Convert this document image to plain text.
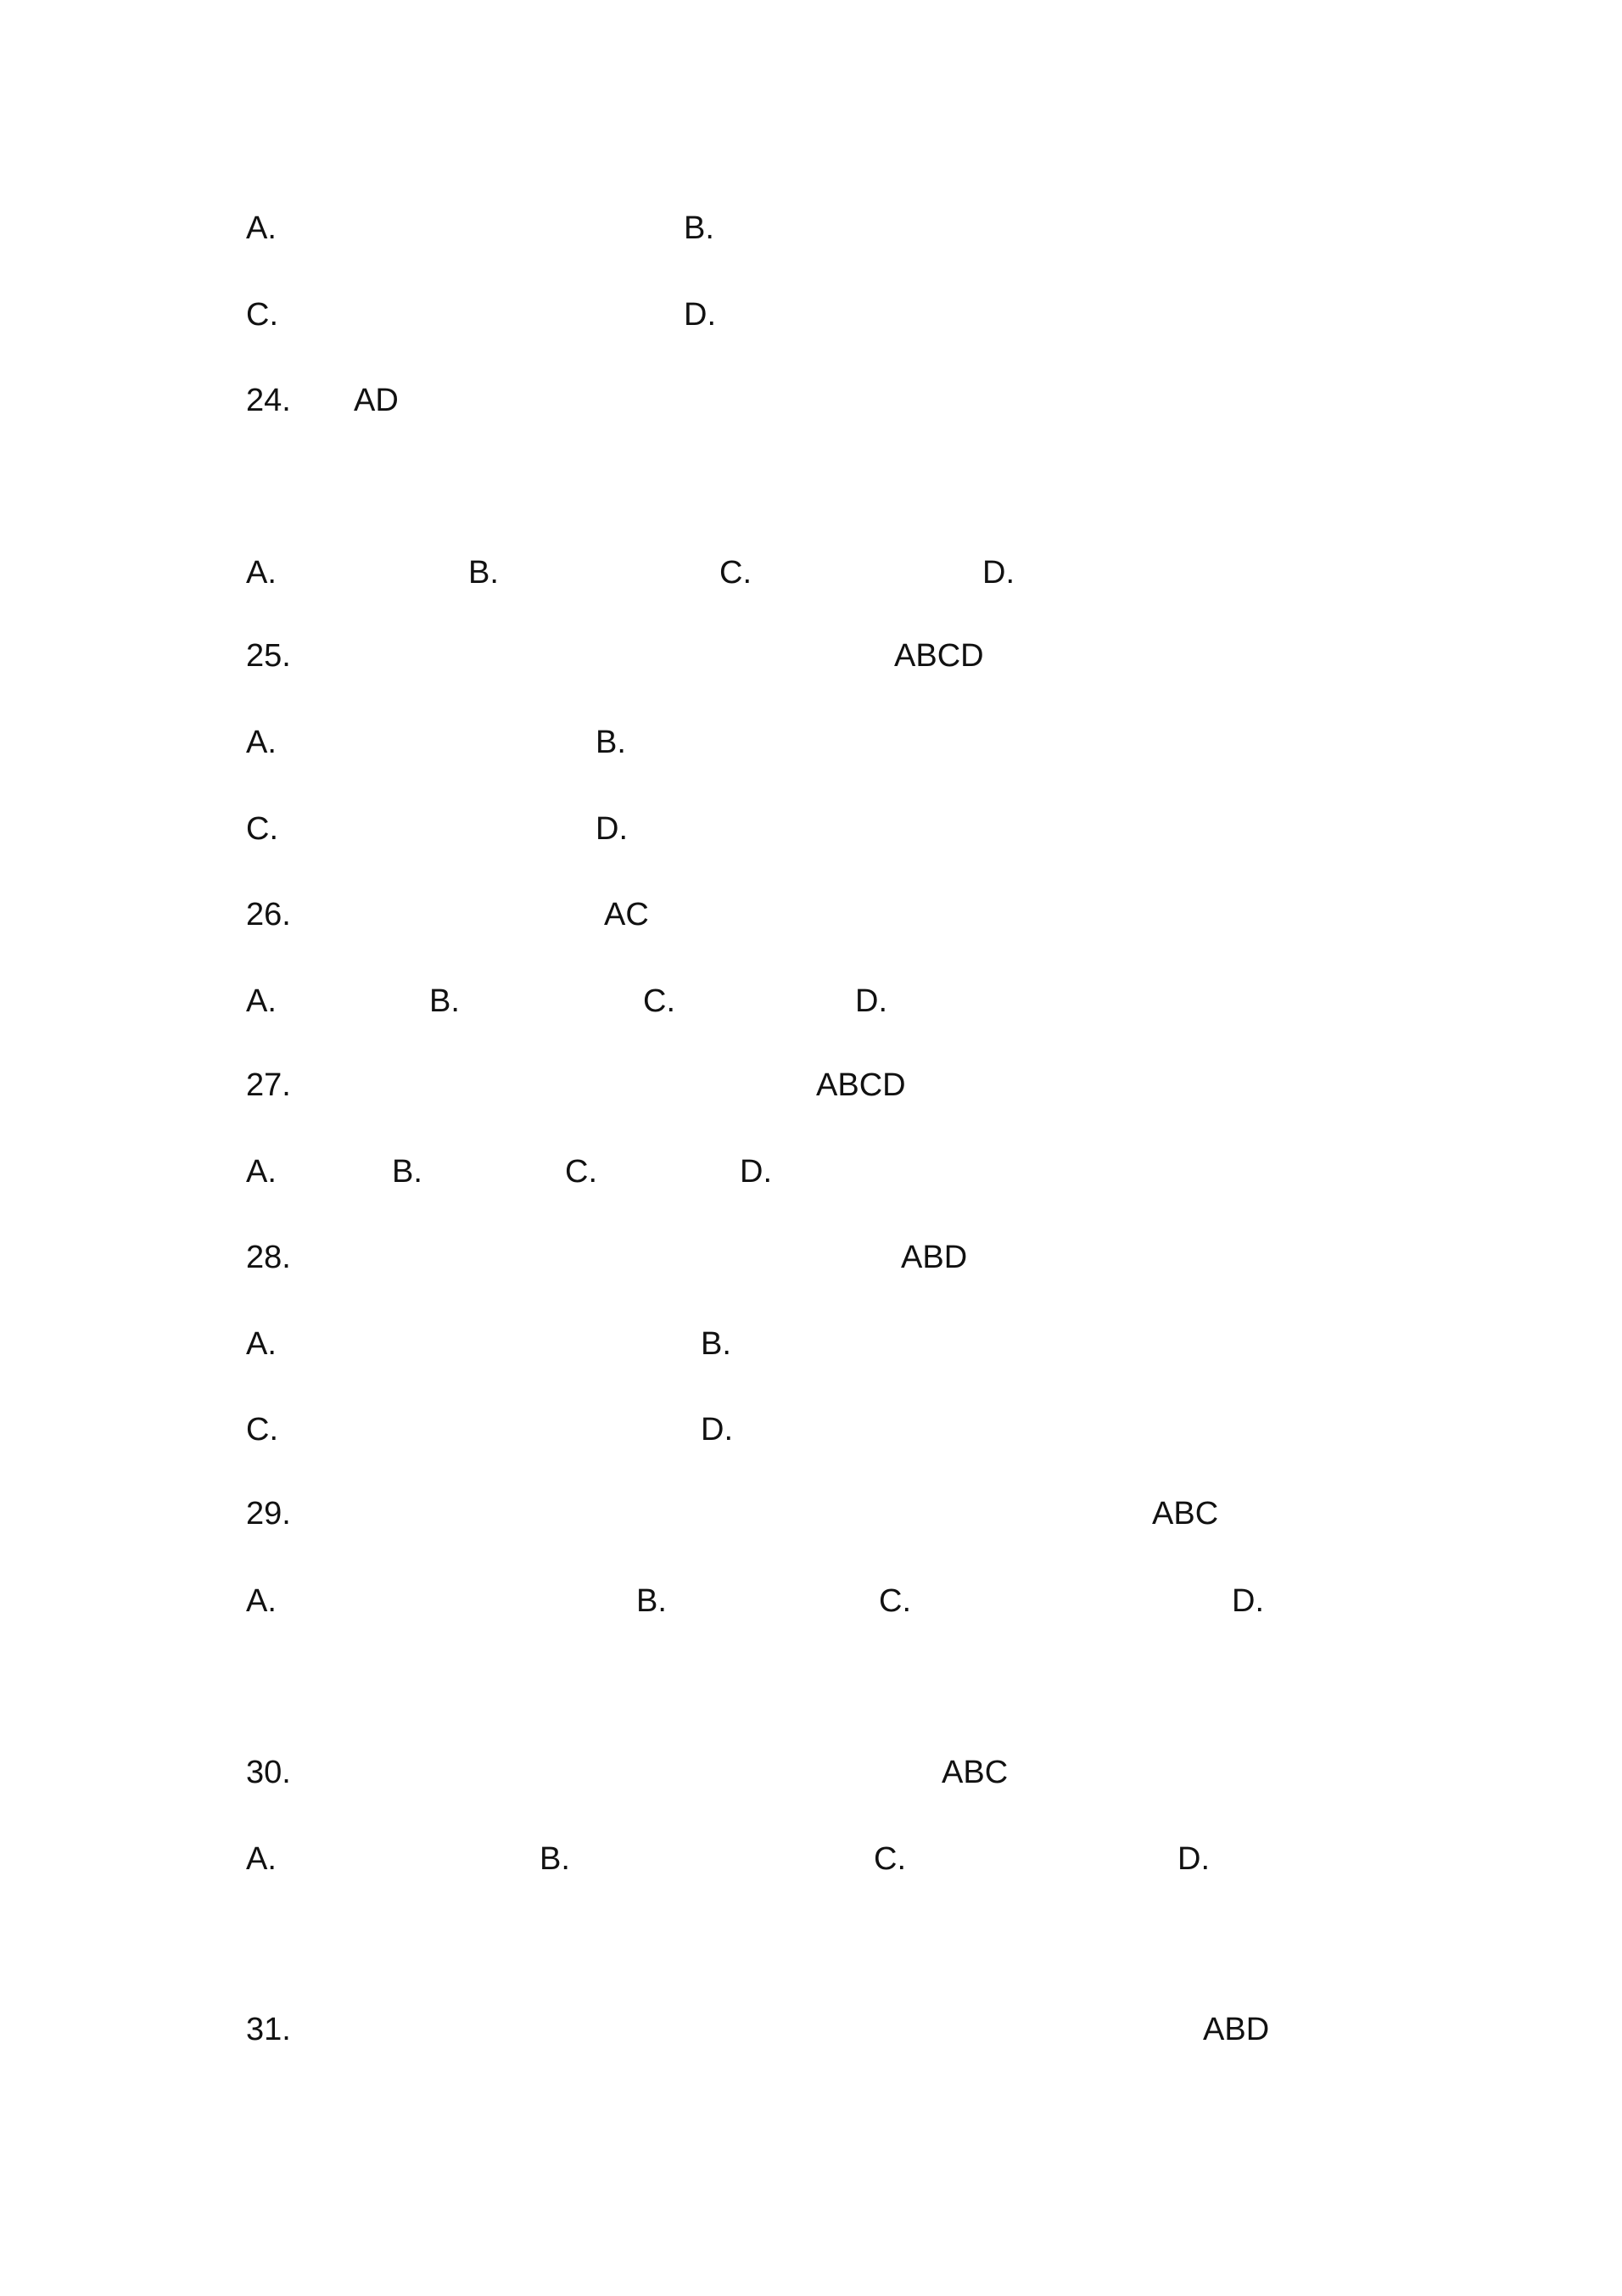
A.	B.
C.	D.
24. AD
A.	B.	C.	D.
25.	ABCD
A.	B.
C.	D.
26.	AC
A.	B.	C.	D.
27.	ABCD
A.	B.	C.	D.
28.	ABD
A.	B.
C.	D.
29.	ABC
A.	B.	C.	D.
30.	ABC
A.	B.	C.	D.
31.	ABD
